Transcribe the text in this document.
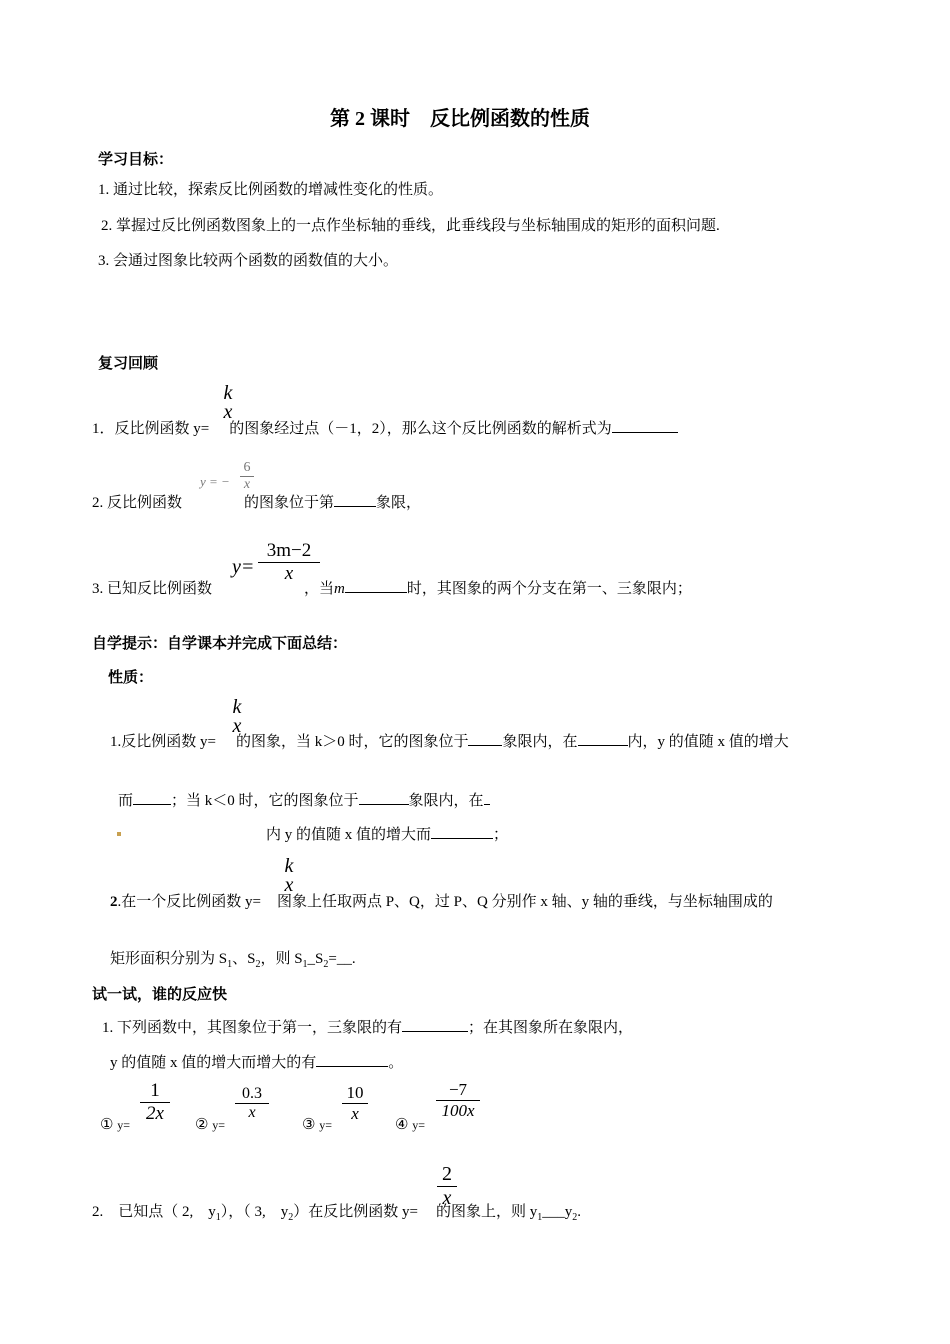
第 2 课时　反比例函数的性质
学习目标：
1. 通过比较，探索反比例函数的增减性变化的性质。
2. 掌握过反比例函数图象上的一点作坐标轴的垂线，此垂线段与坐标轴围成的矩形的面积问题.
3. 会通过图象比较两个函数的函数值的大小。
复习回顾
1．反比例函数 y= 的图象经过点（－1，2），那么这个反比例函数的解析式为
k
x
2. 反比例函数	的图象位于第	象限，
y = −
6
x
3. 已知反比例函数	，当m	时，其图象的两个分支在第一、三象限内；
y=
3m−2
x
自学提示：自学课本并完成下面总结：
性质：
1.反比例函数 y= 的图象，当 k＞0 时，它的图象位于 象限内，在	内，y 的值随 x 值的增大
k
x
而	；当 k＜0 时，它的图象位于	象限内，在
内 y 的值随 x 值的增大而	；
2.在一个反比例函数 y= 图象上任取两点 P、Q，过 P、Q 分别作 x 轴、y 轴的垂线，与坐标轴围成的
k
x
矩形面积分别为 $S_1$、$S_2$，则 $S_1\_S_2=\_\_$.
试一试，谁的反应快
1. 下列函数中，其图象位于第一，三象限的有	；在其图象所在象限内，
y 的值随 x 值的增大而增大的有	。
① y=
1
2x
② y=
0.3
x
③ y=
10
x
④ y=
−7
100x
2.　已知点（ 2,　$y_1$），（ 3,　$y_2$）在反比例函数 y= 的图象上，则 $y_1\_\_\_y_2$.
2
x
